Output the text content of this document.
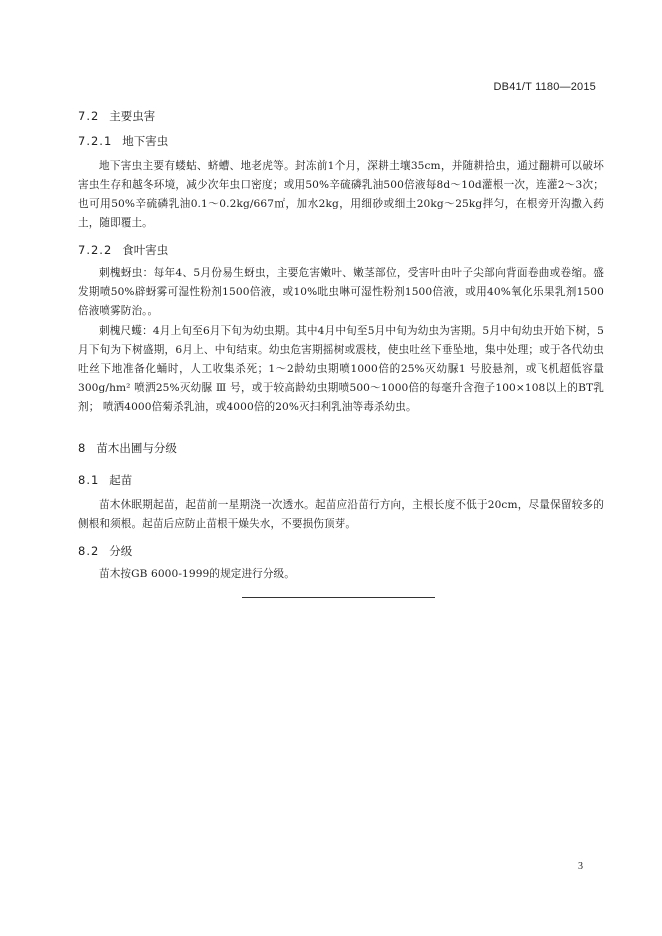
DB41/T 1180—2015
7.2 主要虫害
7.2.1 地下害虫

地下害虫主要有蝼蛄、蛴螬、地老虎等。封冻前1个月，深耕土壤35cm，并随耕拾虫，通过翻耕可以破坏害虫生存和越冬环境，减少次年虫口密度；或用50%辛硫磷乳油500倍液每8d～10d灌根一次，连灌2～3次；也可用50%辛硫磷乳油0.1～0.2kg/667㎡，加水2kg，用细砂或细土20kg～25kg拌匀，在根旁开沟撒入药土，随即覆土。

7.2.2 食叶害虫

刺槐蚜虫：每年4、5月份易生蚜虫，主要危害嫩叶、嫩茎部位，受害叶由叶子尖部向背面卷曲或卷缩。盛发期喷50%辟蚜雾可湿性粉剂1500倍液，或10%吡虫啉可湿性粉剂1500倍液，或用40%氧化乐果乳剂1500倍液喷雾防治。。

刺槐尺蠖：4月上旬至6月下旬为幼虫期。其中4月中旬至5月中旬为幼虫为害期。5月中旬幼虫开始下树，5月下旬为下树盛期，6月上、中旬结束。幼虫危害期摇树或震枝，使虫吐丝下垂坠地，集中处理；或于各代幼虫吐丝下地准备化蛹时，人工收集杀死；1～2龄幼虫期喷1000倍的25%灭幼脲1 号胶悬剂，或飞机超低容量300g/hm² 喷洒25%灭幼脲 Ⅲ 号，或于较高龄幼虫期喷500～1000倍的每毫升含孢子100×108以上的BT乳剂； 喷洒4000倍菊杀乳油，或4000倍的20%灭扫利乳油等毒杀幼虫。

8 苗木出圃与分级
8.1 起苗

苗木休眠期起苗，起苗前一星期浇一次透水。起苗应沿苗行方向，主根长度不低于20cm，尽量保留较多的侧根和须根。起苗后应防止苗根干燥失水，不要损伤顶芽。

8.2 分级

苗木按GB 6000-1999的规定进行分级。

3
